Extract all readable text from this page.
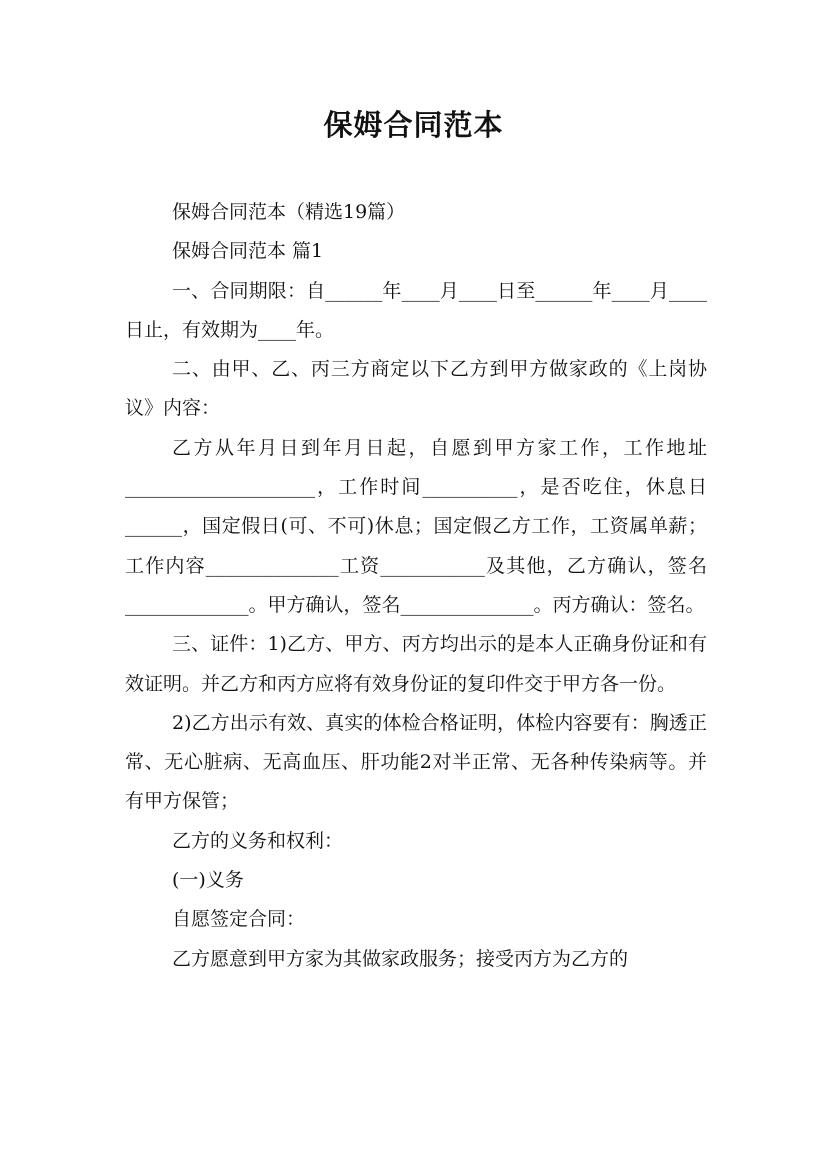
保姆合同范本

保姆合同范本（精选19篇）

保姆合同范本 篇1

一、合同期限：自______年____月____日至______年____月____日止，有效期为____年。

二、由甲、乙、丙三方商定以下乙方到甲方做家政的《上岗协议》内容：

乙方从年月日到年月日起，自愿到甲方家工作，工作地址____________________，工作时间__________，是否吃住，休息日______，国定假日(可、不可)休息；国定假乙方工作，工资属单薪；工作内容______________工资___________及其他，乙方确认，签名_____________。甲方确认，签名______________。丙方确认：签名。

三、证件：1)乙方、甲方、丙方均出示的是本人正确身份证和有效证明。并乙方和丙方应将有效身份证的复印件交于甲方各一份。

2)乙方出示有效、真实的体检合格证明，体检内容要有：胸透正常、无心脏病、无高血压、肝功能2对半正常、无各种传染病等。并有甲方保管；

乙方的义务和权利：

(一)义务

自愿签定合同：

乙方愿意到甲方家为其做家政服务；接受丙方为乙方的
